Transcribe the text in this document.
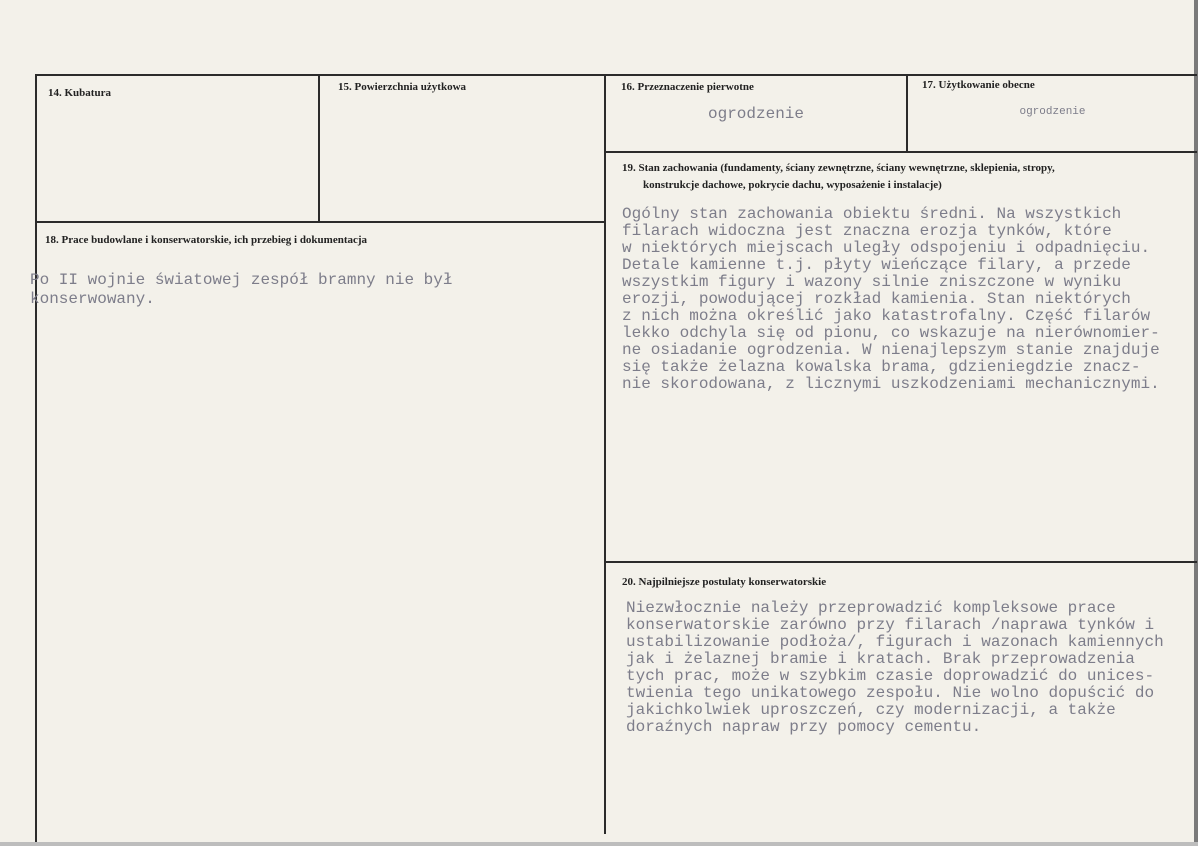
14. Kubatura	15. Powierzchnia użytkowa	16. Przeznaczenie pierwotne
ogrodzenie
17. Użytkowanie obecne
ogrodzenie
18. Prace budowlane i konserwatorskie, ich przebieg i dokumentacja
Po II wojnie światowej zespół bramny nie był
konserwowany.
19. Stan zachowania (fundamenty, ściany zewnętrzne, ściany wewnętrzne, sklepienia, stropy,
konstrukcje dachowe, pokrycie dachu, wyposażenie i instalacje)
Ogólny stan zachowania obiektu średni. Na wszystkich
filarach widoczna jest znaczna erozja tynków, które
w niektórych miejscach uległy odspojeniu i odpadnięciu.
Detale kamienne t.j. płyty wieńczące filary, a przede
wszystkim figury i wazony silnie zniszczone w wyniku
erozji, powodującej rozkład kamienia. Stan niektórych
z nich można określić jako katastrofalny. Część filarów
lekko odchyla się od pionu, co wskazuje na nierównomier-
ne osiadanie ogrodzenia. W nienajlepszym stanie znajduje
się także żelazna kowalska brama, gdzieniegdzie znacz-
nie skorodowana, z licznymi uszkodzeniami mechanicznymi.
20. Najpilniejsze postulaty konserwatorskie
Niezwłocznie należy przeprowadzić kompleksowe prace
konserwatorskie zarówno przy filarach /naprawa tynków i
ustabilizowanie podłoża/, figurach i wazonach kamiennych
jak i żelaznej bramie i kratach. Brak przeprowadzenia
tych prac, może w szybkim czasie doprowadzić do unices-
twienia tego unikatowego zespołu. Nie wolno dopuścić do
jakichkolwiek uproszczeń, czy modernizacji, a także
doraźnych napraw przy pomocy cementu.
